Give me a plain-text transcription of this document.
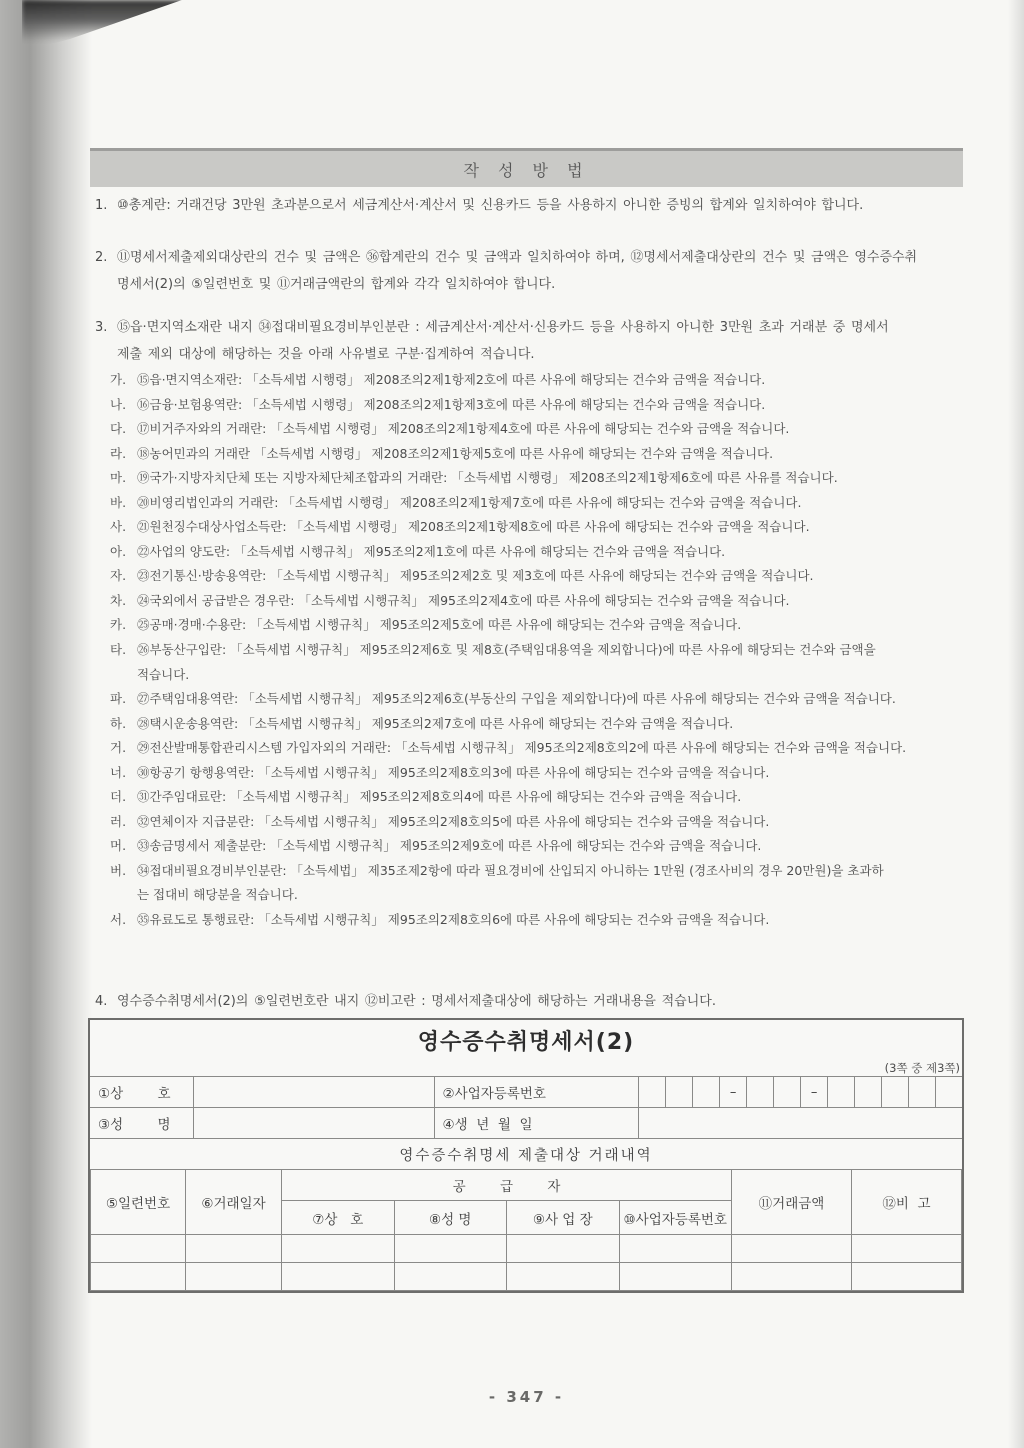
작 성 방 법
1. ⑩총계란: 거래건당 3만원 초과분으로서 세금계산서·계산서 및 신용카드 등을 사용하지 아니한 증빙의 합계와 일치하여야 합니다.
2. ⑪명세서제출제외대상란의 건수 및 금액은 ㊱합계란의 건수 및 금액과 일치하여야 하며, ⑫명세서제출대상란의 건수 및 금액은 영수증수취
명세서(2)의 ⑤일련번호 및 ⑪거래금액란의 합계와 각각 일치하여야 합니다.
3. ⑮읍·면지역소재란 내지 ㉞접대비필요경비부인분란 : 세금계산서·계산서·신용카드 등을 사용하지 아니한 3만원 초과 거래분 중 명세서
제출 제외 대상에 해당하는 것을 아래 사유별로 구분·집계하여 적습니다.
가. ⑮읍·면지역소재란: 「소득세법 시행령」 제208조의2제1항제2호에 따른 사유에 해당되는 건수와 금액을 적습니다.
나. ⑯금융·보험용역란: 「소득세법 시행령」 제208조의2제1항제3호에 따른 사유에 해당되는 건수와 금액을 적습니다.
다. ⑰비거주자와의 거래란: 「소득세법 시행령」 제208조의2제1항제4호에 따른 사유에 해당되는 건수와 금액을 적습니다.
라. ⑱농어민과의 거래란 「소득세법 시행령」 제208조의2제1항제5호에 따른 사유에 해당되는 건수와 금액을 적습니다.
마. ⑲국가·지방자치단체 또는 지방자체단체조합과의 거래란: 「소득세법 시행령」 제208조의2제1항제6호에 따른 사유를 적습니다.
바. ⑳비영리법인과의 거래란: 「소득세법 시행령」 제208조의2제1항제7호에 따른 사유에 해당되는 건수와 금액을 적습니다.
사. ㉑원천징수대상사업소득란: 「소득세법 시행령」 제208조의2제1항제8호에 따른 사유에 해당되는 건수와 금액을 적습니다.
아. ㉒사업의 양도란: 「소득세법 시행규칙」 제95조의2제1호에 따른 사유에 해당되는 건수와 금액을 적습니다.
자. ㉓전기통신·방송용역란: 「소득세법 시행규칙」 제95조의2제2호 및 제3호에 따른 사유에 해당되는 건수와 금액을 적습니다.
차. ㉔국외에서 공급받은 경우란: 「소득세법 시행규칙」 제95조의2제4호에 따른 사유에 해당되는 건수와 금액을 적습니다.
카. ㉕공매·경매·수용란: 「소득세법 시행규칙」 제95조의2제5호에 따른 사유에 해당되는 건수와 금액을 적습니다.
타. ㉖부동산구입란: 「소득세법 시행규칙」 제95조의2제6호 및 제8호(주택임대용역을 제외합니다)에 따른 사유에 해당되는 건수와 금액을
적습니다.
파. ㉗주택임대용역란: 「소득세법 시행규칙」 제95조의2제6호(부동산의 구입을 제외합니다)에 따른 사유에 해당되는 건수와 금액을 적습니다.
하. ㉘택시운송용역란: 「소득세법 시행규칙」 제95조의2제7호에 따른 사유에 해당되는 건수와 금액을 적습니다.
거. ㉙전산발매통합관리시스템 가입자외의 거래란: 「소득세법 시행규칙」 제95조의2제8호의2에 따른 사유에 해당되는 건수와 금액을 적습니다.
너. ㉚항공기 항행용역란: 「소득세법 시행규칙」 제95조의2제8호의3에 따른 사유에 해당되는 건수와 금액을 적습니다.
더. ㉛간주임대료란: 「소득세법 시행규칙」 제95조의2제8호의4에 따른 사유에 해당되는 건수와 금액을 적습니다.
러. ㉜연체이자 지급분란: 「소득세법 시행규칙」 제95조의2제8호의5에 따른 사유에 해당되는 건수와 금액을 적습니다.
머. ㉝송금명세서 제출분란: 「소득세법 시행규칙」 제95조의2제9호에 따른 사유에 해당되는 건수와 금액을 적습니다.
버. ㉞접대비필요경비부인분란: 「소득세법」 제35조제2항에 따라 필요경비에 산입되지 아니하는 1만원 (경조사비의 경우 20만원)을 초과하
는 접대비 해당분을 적습니다.
서. ㉟유료도로 통행료란: 「소득세법 시행규칙」 제95조의2제8호의6에 따른 사유에 해당되는 건수와 금액을 적습니다.
4. 영수증수취명세서(2)의 ⑤일련번호란 내지 ⑫비고란 : 명세서제출대상에 해당하는 거래내용을 적습니다.
영수증수취명세서(2)
(3쪽 중 제3쪽)
①상        호	②사업자등록번호	–	–
③성        명	④생  년  월  일
영수증수취명세 제출대상 거래내역
⑤일련번호	⑥거래일자	공        급        자				⑪거래금액	⑫비  고
		⑦상   호	⑧성 명	⑨사 업 장	⑩사업자등록번호		

- 347 -
